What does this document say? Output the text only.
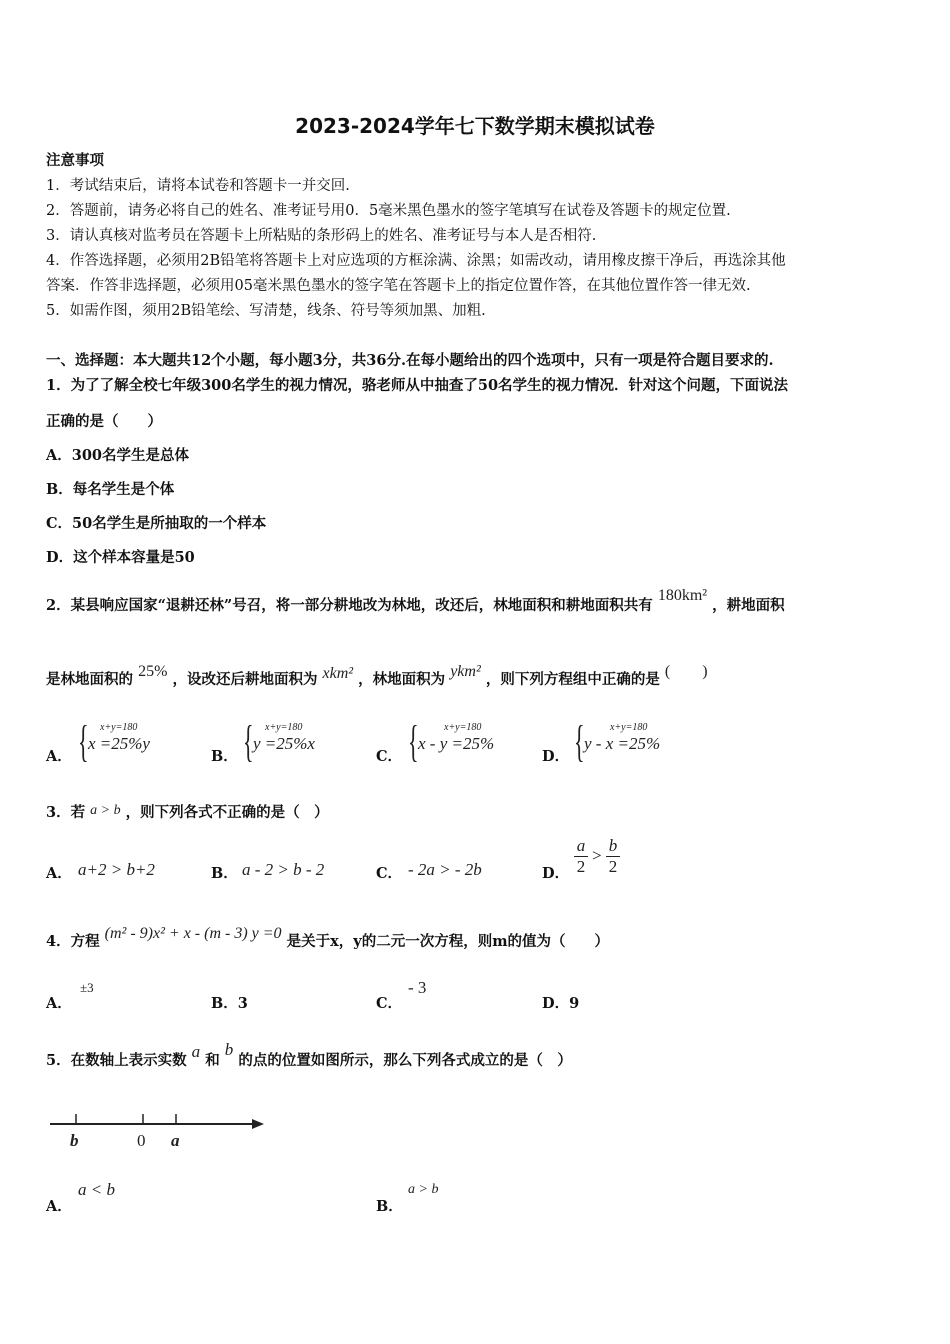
2023-2024学年七下数学期末模拟试卷
注意事项
1．考试结束后，请将本试卷和答题卡一并交回.
2．答题前，请务必将自己的姓名、准考证号用0．5毫米黑色墨水的签字笔填写在试卷及答题卡的规定位置.
3．请认真核对监考员在答题卡上所粘贴的条形码上的姓名、准考证号与本人是否相符.
4．作答选择题，必须用2B铅笔将答题卡上对应选项的方框涂满、涂黑；如需改动，请用橡皮擦干净后，再选涂其他
答案．作答非选择题，必须用05毫米黑色墨水的签字笔在答题卡上的指定位置作答，在其他位置作答一律无效.
5．如需作图，须用2B铅笔绘、写清楚，线条、符号等须加黑、加粗.
一、选择题：本大题共12个小题，每小题3分，共36分.在每小题给出的四个选项中，只有一项是符合题目要求的.
1．为了了解全校七年级300名学生的视力情况，骆老师从中抽查了50名学生的视力情况．针对这个问题，下面说法
正确的是（　　）
A．300名学生是总体
B．每名学生是个体
C．50名学生是所抽取的一个样本
D．这个样本容量是50
2．某县响应国家“退耕还林”号召，将一部分耕地改为林地，改还后，林地面积和耕地面积共有 180km² ，耕地面积
是林地面积的 25% ，设改还后耕地面积为 xkm² ，林地面积为 ykm² ，则下列方程组中正确的是 (　　)
A． { x+y=180
x =25%y
B． { x+y=180
y =25%x
C． {	x+y=180
x - y =25%
D． {	x+y=180
y - x =25%
3．若 a > b ，则下列各式不正确的是（　）
A． a+2 > b+2	B． a - 2 > b - 2	C． - 2a > - 2b	D． $\frac{a}{2} > \frac{b}{2}$
4．方程 (m² - 9)x² + x - (m - 3) y =0 是关于x，y的二元一次方程，则m的值为（　　）
A．
±3
B．3	C．
- 3
D．9
5．在数轴上表示实数 a 和 b 的点的位置如图所示，那么下列各式成立的是（　）
b	0 a
A．
a < b
B．
a > b
